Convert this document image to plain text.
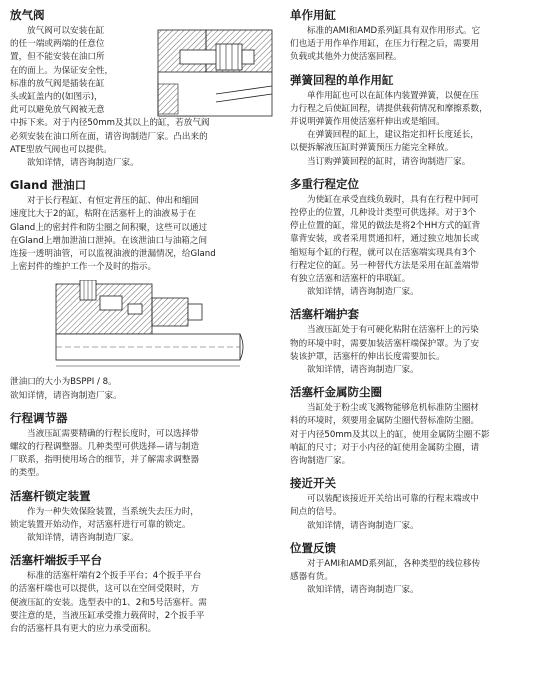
放气阀
放气阀可以安装在缸
的任一端或两端的任意位
置，但不能安装在油口所
在的面上。为保证安全性，
标准的放气阀是插装在缸
头或缸盖内的(如图示)，
此可以避免放气阀被无意
中拆下来。对于内径50mm及其以上的缸，若放气阀
必须安装在油口所在面，请咨询制造厂家。凸出来的
ATE型放气阀也可以提供。
欲知详情，请咨询制造厂家。
Gland 泄油口
对于长行程缸、有恒定背压的缸、伸出和缩回
速度比大于2的缸，粘附在活塞杆上的油液易于在
Gland上的密封件和防尘圈之间积聚，这些可以通过
在Gland上增加泄油口泄掉。在该泄油口与油箱之间
连接一透明油管，可以监视油液的泄漏情况，给Gland
上密封件的维护工作一个及时的指示。
泄油口的大小为BSPPI / 8。
欲知详情，请咨询制造厂家。
行程调节器
当液压缸需要精确的行程长度时，可以选择带
螺纹的行程调整器。几种类型可供选择—请与制造
厂联系，指明使用场合的细节，并了解需求调整器
的类型。
活塞杆锁定装置
作为一种失效保险装置，当系统失去压力时，
锁定装置开始动作，对活塞杆进行可靠的锁定。
欲知详情，请咨询制造厂家。
活塞杆端扳手平台
标准的活塞杆端有2个扳手平台；4个扳手平台
的活塞杆端也可以提供，这可以在空间受限时，方
便液压缸的安装。选型表中的1、2和5号活塞杆。需
要注意的是，当液压缸承受推力载荷时，2个扳手平
台的活塞杆具有更大的应力承受面积。
单作用缸
标准的AMI和AMD系列缸具有双作用形式。它
们也适于用作单作用缸，在压力行程之后，需要用
负载或其他外力使活塞回程。
弹簧回程的单作用缸
单作用缸也可以在缸体内装置弹簧，以便在压
力行程之后使缸回程，请提供载荷情况和摩擦系数，
并说明弹簧作用使活塞杆伸出或是缩回。
在弹簧回程的缸上，建议指定扣杆长度延长，
以便拆解液压缸时弹簧预压力能完全释放。
当订购弹簧回程的缸时，请咨询制造厂家。
多重行程定位
为使缸在承受直线负载时，具有在行程中间可
控停止的位置，几种设计类型可供选择。对于3个
停止位置的缸，常见的做法是将2个HH方式的缸背
靠背安装，或者采用贯通扣杆，通过独立地加长或
缩短每个缸的行程，就可以在活塞端实现具有3个
行程定位的缸。另一种替代方法是采用在缸盖端带
有独立活塞和活塞杆的串联缸。
欲知详情，请咨询制造厂家。
活塞杆端护套
当液压缸处于有可硬化粘附在活塞杆上的污染
物的环境中时，需要加装活塞杆端保护罩。为了安
装该护罩，活塞杆的伸出长度需要加长。
欲知详情，请咨询制造厂家。
活塞杆金属防尘圈
当缸处于粉尘或飞溅物能够危机标准防尘圈材
料的环境时，须要用金属防尘圈代替标准防尘圈。
对于内径50mm及其以上的缸，使用金属防尘圈不影
响缸的尺寸；对于小内径的缸使用金属防尘圈，请
咨询制造厂家。
接近开关
可以装配该接近开关给出可靠的行程末端或中
间点的信号。
欲知详情，请咨询制造厂家。
位置反馈
对于AMI和AMD系列缸，各种类型的线位移传
感器有货。
欲知详情，请咨询制造厂家。
